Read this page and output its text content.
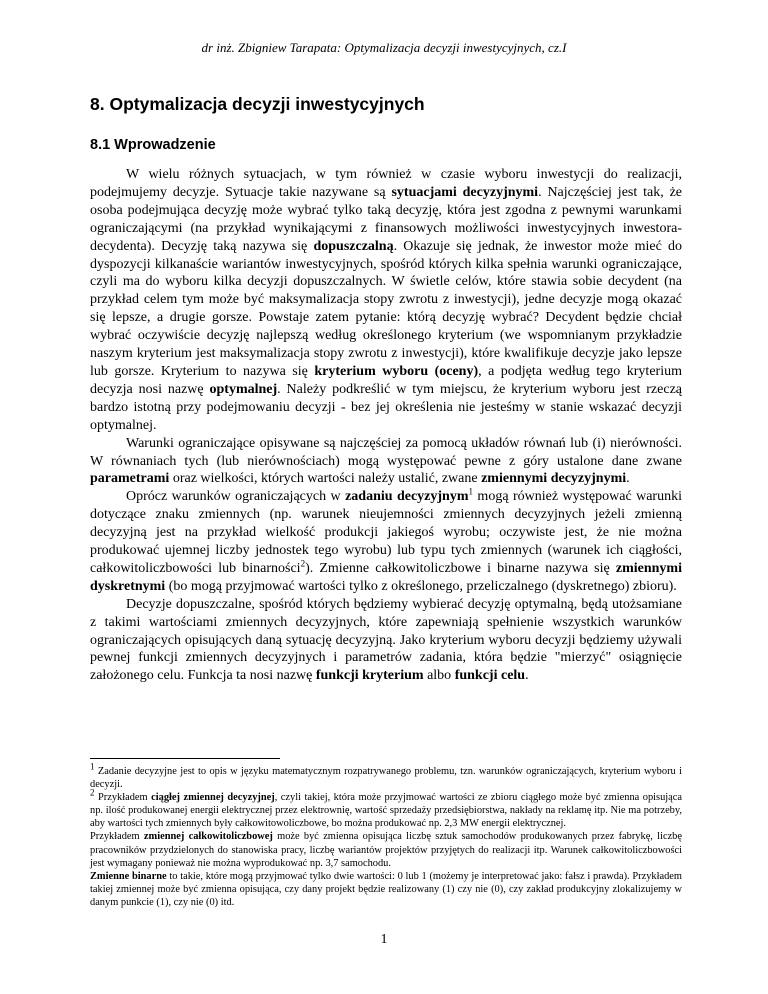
dr inż. Zbigniew Tarapata: Optymalizacja decyzji inwestycyjnych, cz.I
8. Optymalizacja decyzji inwestycyjnych
8.1 Wprowadzenie

W wielu różnych sytuacjach, w tym również w czasie wyboru inwestycji do realizacji, podejmujemy decyzje. Sytuacje takie nazywane są sytuacjami decyzyjnymi. Najczęściej jest tak, że osoba podejmująca decyzję może wybrać tylko taką decyzję, która jest zgodna z pewnymi warunkami ograniczającymi (na przykład wynikającymi z finansowych możliwości inwestycyjnych inwestora-decydenta). Decyzję taką nazywa się dopuszczalną. Okazuje się jednak, że inwestor może mieć do dyspozycji kilkanaście wariantów inwestycyjnych, spośród których kilka spełnia warunki ograniczające, czyli ma do wyboru kilka decyzji dopuszczalnych. W świetle celów, które stawia sobie decydent (na przykład celem tym może być maksymalizacja stopy zwrotu z inwestycji), jedne decyzje mogą okazać się lepsze, a drugie gorsze. Powstaje zatem pytanie: którą decyzję wybrać? Decydent będzie chciał wybrać oczywiście decyzję najlepszą według określonego kryterium (we wspomnianym przykładzie naszym kryterium jest maksymalizacja stopy zwrotu z inwestycji), które kwalifikuje decyzje jako lepsze lub gorsze. Kryterium to nazywa się kryterium wyboru (oceny), a podjęta według tego kryterium decyzja nosi nazwę optymalnej. Należy podkreślić w tym miejscu, że kryterium wyboru jest rzeczą bardzo istotną przy podejmowaniu decyzji - bez jej określenia nie jesteśmy w stanie wskazać decyzji optymalnej.

Warunki ograniczające opisywane są najczęściej za pomocą układów równań lub (i) nierówności. W równaniach tych (lub nierównościach) mogą występować pewne z góry ustalone dane zwane parametrami oraz wielkości, których wartości należy ustalić, zwane zmiennymi decyzyjnymi.

Oprócz warunków ograniczających w zadaniu decyzyjnym$^1$ mogą również występować warunki dotyczące znaku zmiennych (np. warunek nieujemności zmiennych decyzyjnych jeżeli zmienną decyzyjną jest na przykład wielkość produkcji jakiegoś wyrobu; oczywiste jest, że nie można produkować ujemnej liczby jednostek tego wyrobu) lub typu tych zmiennych (warunek ich ciągłości, całkowitoliczbowości lub binarności$^2$). Zmienne całkowitoliczbowe i binarne nazywa się zmiennymi dyskretnymi (bo mogą przyjmować wartości tylko z określonego, przeliczalnego (dyskretnego) zbioru).

Decyzje dopuszczalne, spośród których będziemy wybierać decyzję optymalną, będą utożsamiane z takimi wartościami zmiennych decyzyjnych, które zapewniają spełnienie wszystkich warunków ograniczających opisujących daną sytuację decyzyjną. Jako kryterium wyboru decyzji będziemy używali pewnej funkcji zmiennych decyzyjnych i parametrów zadania, która będzie "mierzyć" osiągnięcie założonego celu. Funkcja ta nosi nazwę funkcji kryterium albo funkcji celu.

$^1$ Zadanie decyzyjne jest to opis w języku matematycznym rozpatrywanego problemu, tzn. warunków ograniczających, kryterium wyboru i decyzji.

$^2$ Przykładem ciągłej zmiennej decyzyjnej, czyli takiej, która może przyjmować wartości ze zbioru ciągłego może być zmienna opisująca np. ilość produkowanej energii elektrycznej przez elektrownię, wartość sprzedaży przedsiębiorstwa, nakłady na reklamę itp. Nie ma potrzeby, aby wartości tych zmiennych były całkowitowoliczbowe, bo można produkować np. 2,3 MW energii elektrycznej.

Przykładem zmiennej całkowitoliczbowej może być zmienna opisująca liczbę sztuk samochodów produkowanych przez fabrykę, liczbę pracowników przydzielonych do stanowiska pracy, liczbę wariantów projektów przyjętych do realizacji itp. Warunek całkowitoliczbowości jest wymagany ponieważ nie można wyprodukować np. 3,7 samochodu.

Zmienne binarne to takie, które mogą przyjmować tylko dwie wartości: 0 lub 1 (możemy je interpretować jako: fałsz i prawda). Przykładem takiej zmiennej może być zmienna opisująca, czy dany projekt będzie realizowany (1) czy nie (0), czy zakład produkcyjny zlokalizujemy w danym punkcie (1), czy nie (0) itd.

1
